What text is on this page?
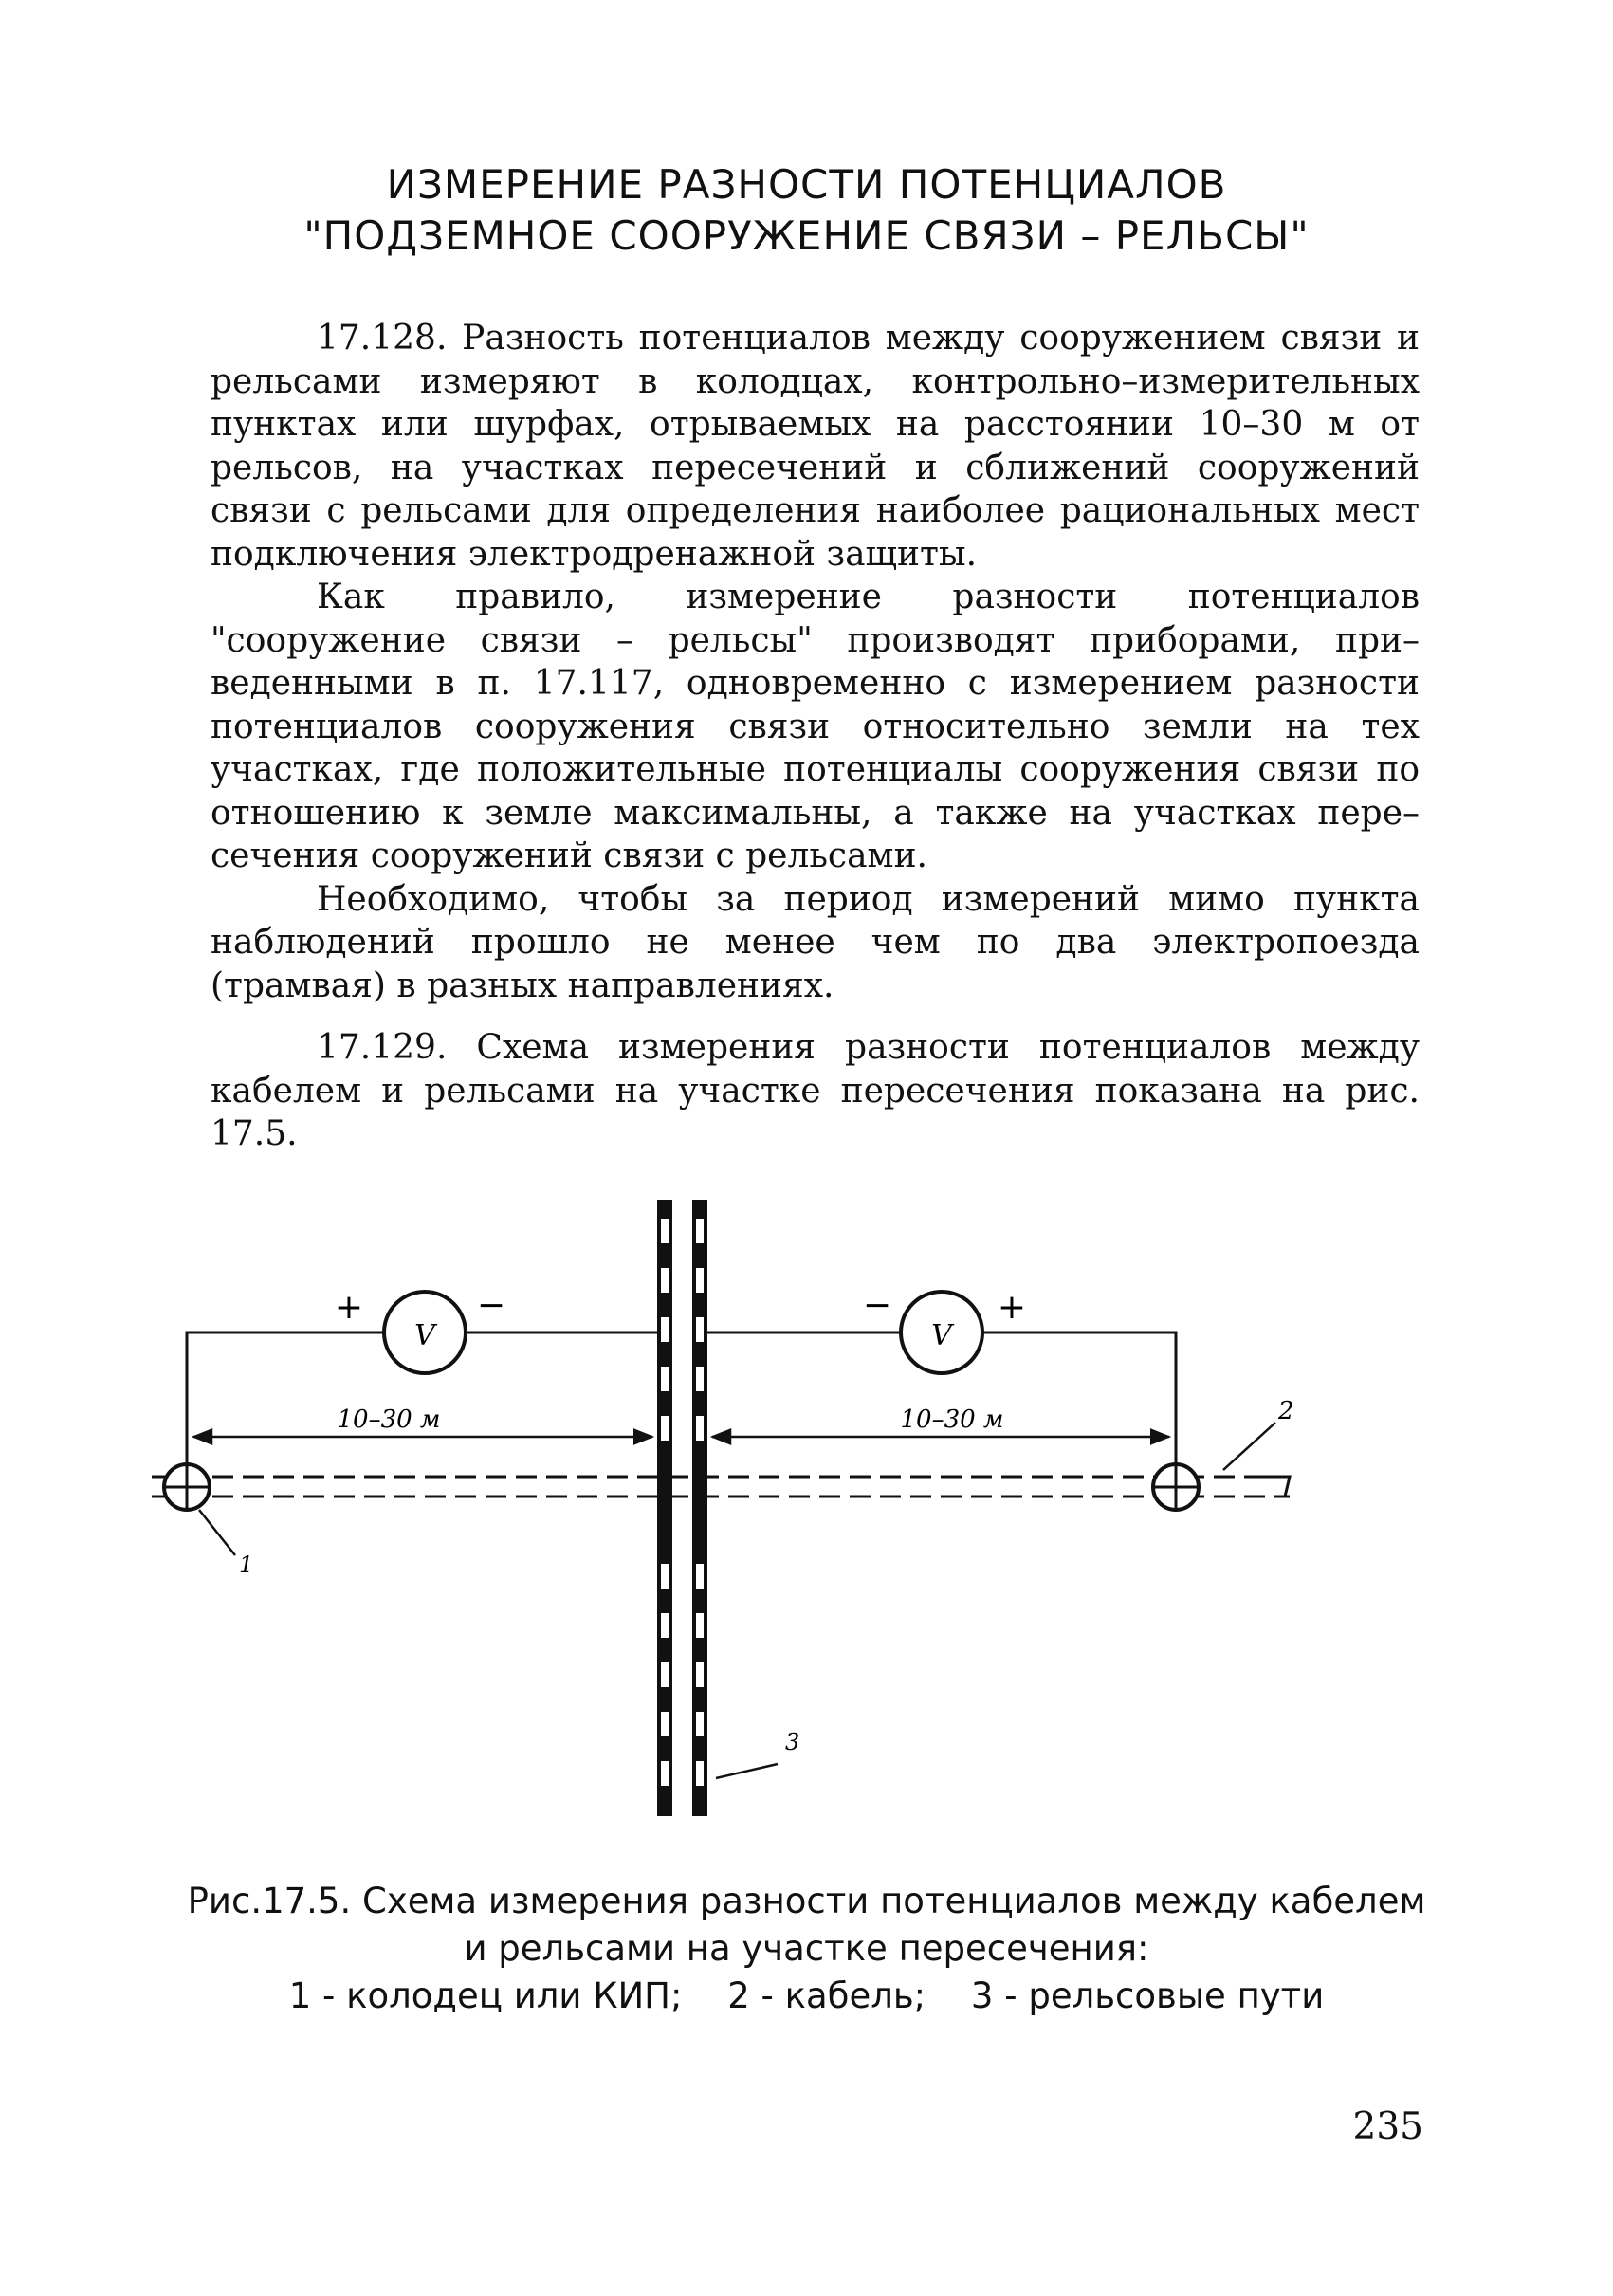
ИЗМЕРЕНИЕ РАЗНОСТИ ПОТЕНЦИАЛОВ
"ПОДЗЕМНОЕ СООРУЖЕНИЕ СВЯЗИ – РЕЛЬСЫ"

17.128. Разность потенциалов между сооружением связи и рельсами измеряют в колодцах, контрольно–измерительных пунктах или шурфах, отрываемых на расстоянии 10–30 м от рельсов, на участках пересечений и сближений сооружений связи с рельсами для определения наиболее рациональных мест подключения электродренажной защиты.

Как правило, измерение разности потенциалов "сооружение связи – рельсы" производят приборами, при–веденными в п. 17.117, одновременно с измерением разности потенциалов сооружения связи относительно земли на тех участках, где положительные потенциалы сооружения связи по отношению к земле максимальны, а также на участках пере–сечения сооружений связи с рельсами.

Необходимо, чтобы за период измерений мимо пункта наблюдений прошло не менее чем по два электропоезда (трамвая) в разных направлениях.

17.129. Схема измерения разности потенциалов между кабелем и рельсами на участке пересечения показана на рис. 17.5.

V	V
+	−	−	+
10–30 м	10–30 м
1
2
3
Рис.17.5. Схема измерения разности потенциалов между кабелем
и рельсами на участке пересечения:
1 - колодец или КИП; 2 - кабель; 3 - рельсовые пути
235
